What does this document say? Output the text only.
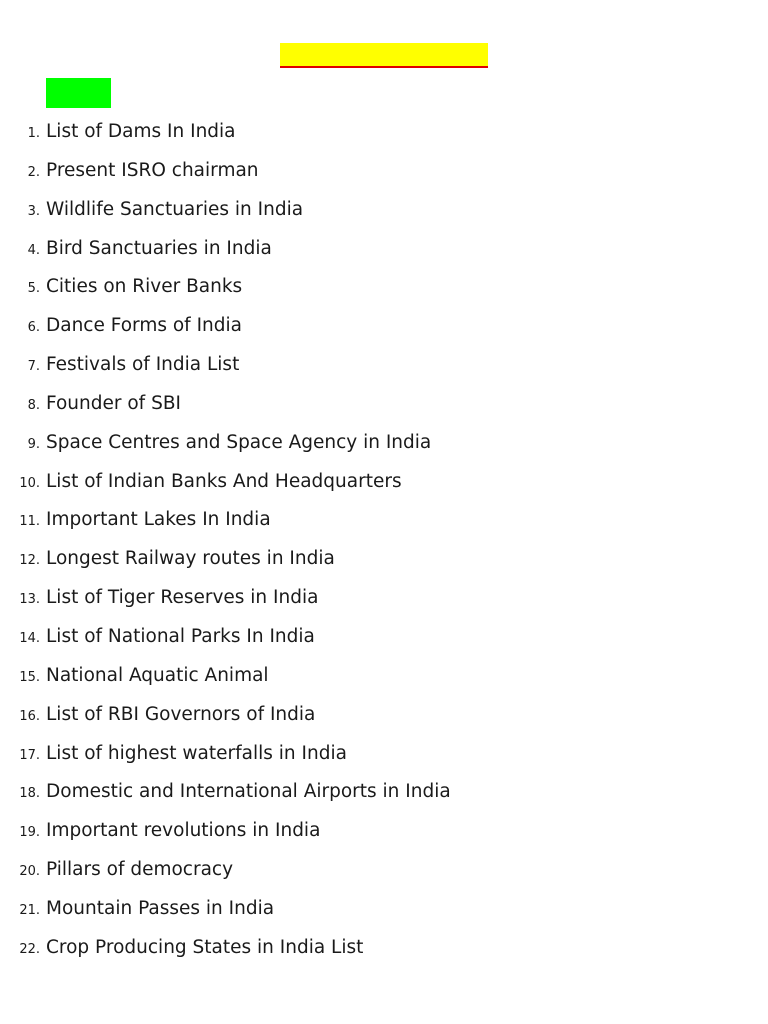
1. List of Dams In India
2. Present ISRO chairman
3. Wildlife Sanctuaries in India
4. Bird Sanctuaries in India
5. Cities on River Banks
6. Dance Forms of India
7. Festivals of India List
8. Founder of SBI
9. Space Centres and Space Agency in India
10. List of Indian Banks And Headquarters
11. Important Lakes In India
12. Longest Railway routes in India
13. List of Tiger Reserves in India
14. List of National Parks In India
15. National Aquatic Animal
16. List of RBI Governors of India
17. List of highest waterfalls in India
18. Domestic and International Airports in India
19. Important revolutions in India
20. Pillars of democracy
21. Mountain Passes in India
22. Crop Producing States in India List
